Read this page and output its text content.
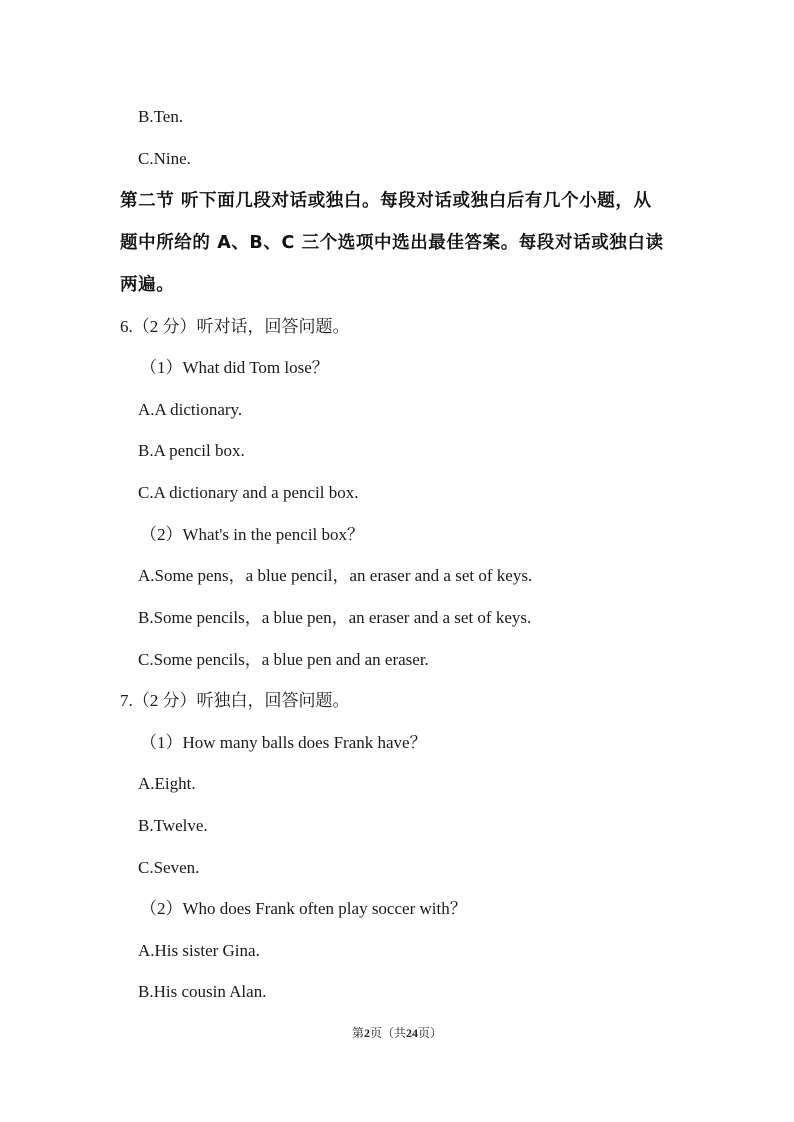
B.Ten.
C.Nine.
第二节 听下面几段对话或独白。每段对话或独白后有几个小题，从
题中所给的 A、B、C 三个选项中选出最佳答案。每段对话或独白读
两遍。
6.（2 分）听对话，回答问题。
（1）What did Tom lose？
A.A dictionary.
B.A pencil box.
C.A dictionary and a pencil box.
（2）What's in the pencil box？
A.Some pens，a blue pencil，an eraser and a set of keys.
B.Some pencils，a blue pen，an eraser and a set of keys.
C.Some pencils，a blue pen and an eraser.
7.（2 分）听独白，回答问题。
（1）How many balls does Frank have？
A.Eight.
B.Twelve.
C.Seven.
（2）Who does Frank often play soccer with？
A.His sister Gina.
B.His cousin Alan.
第2页（共24页）
